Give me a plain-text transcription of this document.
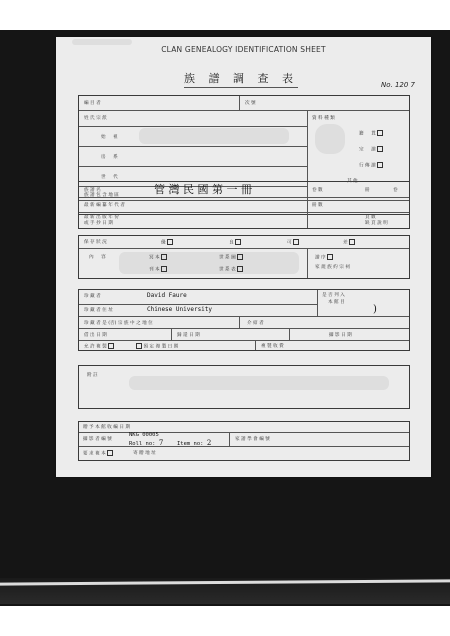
CLAN GENEALOGY IDENTIFICATION SHEET
族 譜 調 查 表	No. 120 7
編 目 者	次 號
姓 氏 宗 派	資 料 種 類
始 　 祖
房 　 系
世 　 代
族 譜 包 含 地 區
籍 　 貫
宗 　 譜
行 傳 譜
其 他
族 譜 名	管 灣 民 國 第 一 冊
最 新 編 纂 年 代 者
最 新 出 版 年 份
或 手 抄 日 期
卷 數	冊	卷
冊 數
頁 數
缺 頁 說 明
保 存 狀 況	優	良	可	差
內 　 容	冥 本	世 系 圖	譜 序
刊 本	世 系 表	家 規 族 約 宗 祠
珍 藏 者	David Faure
珍 藏 者 住 址	Chinese University
是 否 列 入
本 館 目
)
珍 藏 者 是 (否) 宗 族 中 之 地 位	介 紹 者
借 出 日 期	歸 還 日 期	攝 影 日 期
允 許 複 製	預 定 複 製 日 期	複 製 收 費
附 註
贈 予 本 館 收 編 日 期
攝 影 者 編 號
NKG 00005
Roll no: 7 Item no: 2	家 譜 學 會 編 號
要 求 複 本	寄 贈 地 址
